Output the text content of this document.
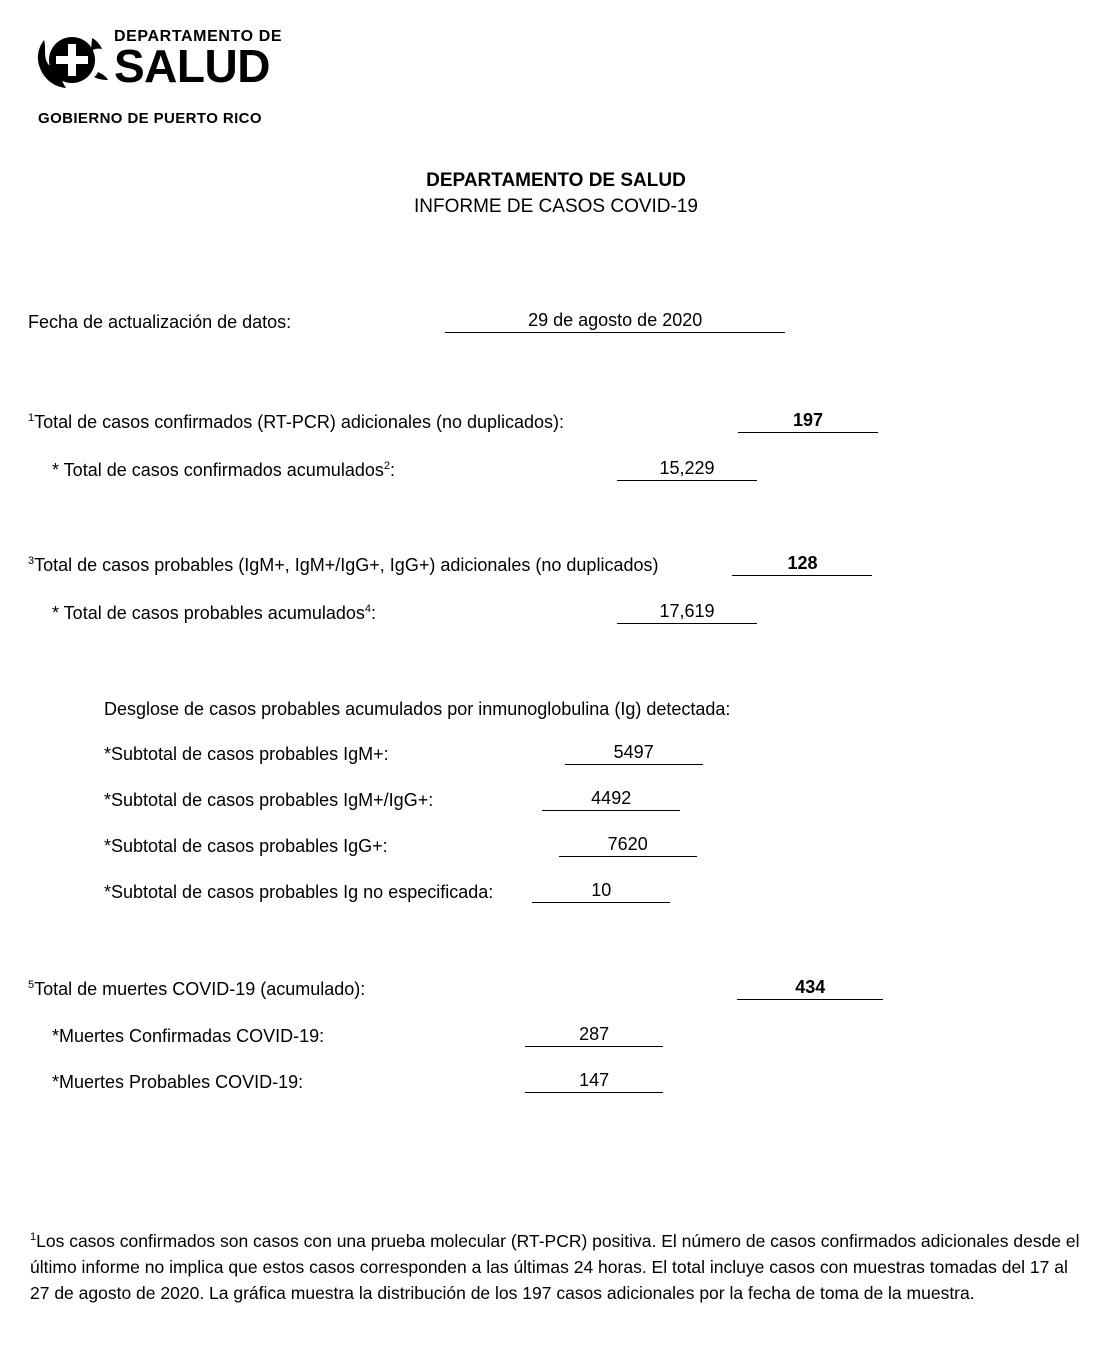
DEPARTAMENTO DE
SALUD
GOBIERNO DE PUERTO RICO
DEPARTAMENTO DE SALUD
INFORME DE CASOS COVID-19
Fecha de actualización de datos:	29 de agosto de 2020
$^1$Total de casos confirmados (RT-PCR) adicionales (no duplicados):	197
* Total de casos confirmados acumulados$^2$:	15,229
$^3$Total de casos probables (IgM+, IgM+/IgG+, IgG+) adicionales (no duplicados)	128
* Total de casos probables acumulados$^4$:	17,619
Desglose de casos probables acumulados por inmunoglobulina (Ig) detectada:
*Subtotal de casos probables IgM+:	5497
*Subtotal de casos probables IgM+/IgG+:	4492
*Subtotal de casos probables IgG+:	7620
*Subtotal de casos probables Ig no especificada:	10
$^5$Total de muertes COVID-19 (acumulado):	434
*Muertes Confirmadas COVID-19:	287
*Muertes Probables COVID-19:	147
$^1$Los casos confirmados son casos con una prueba molecular (RT-PCR) positiva. El número de casos confirmados adicionales desde el último informe no implica que estos casos corresponden a las últimas 24 horas. El total incluye casos con muestras tomadas del 17 al 27 de agosto de 2020. La gráfica muestra la distribución de los 197 casos adicionales por la fecha de toma de la muestra.
